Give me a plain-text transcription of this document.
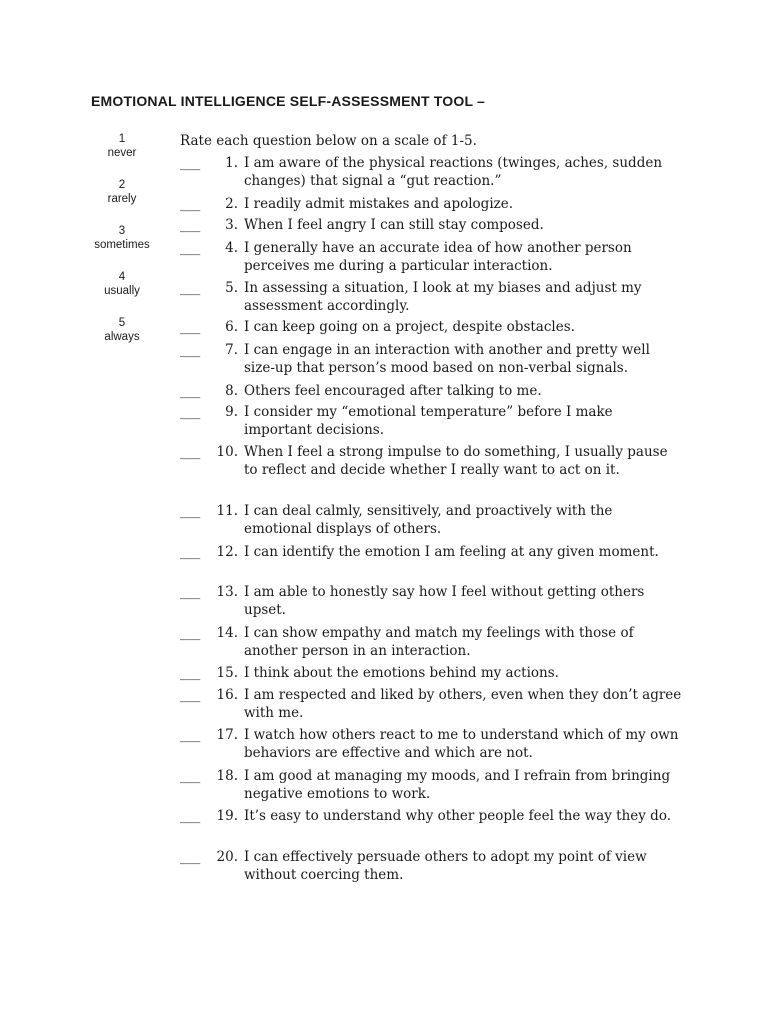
EMOTIONAL INTELLIGENCE SELF-ASSESSMENT TOOL –
1
never
2
rarely
3
sometimes
4
usually
5
always
Rate each question below on a scale of 1-5.
___	1. I am aware of the physical reactions (twinges, aches, sudden changes) that signal a “gut reaction.”
___	2. I readily admit mistakes and apologize.
___	3. When I feel angry I can still stay composed.
___	4. I generally have an accurate idea of how another person perceives me during a particular interaction.
___	5. In assessing a situation, I look at my biases and adjust my assessment accordingly.
___	6. I can keep going on a project, despite obstacles.
___	7. I can engage in an interaction with another and pretty well size-up that person’s mood based on non-verbal signals.
___	8. Others feel encouraged after talking to me.
___	9. I consider my “emotional temperature” before I make important decisions.
___	10. When I feel a strong impulse to do something, I usually pause to reflect and decide whether I really want to act on it.
___	11. I can deal calmly, sensitively, and proactively with the emotional displays of others.
___	12. I can identify the emotion I am feeling at any given moment.
___	13. I am able to honestly say how I feel without getting others upset.
___	14. I can show empathy and match my feelings with those of another person in an interaction.
___	15. I think about the emotions behind my actions.
___	16. I am respected and liked by others, even when they don’t agree with me.
___	17. I watch how others react to me to understand which of my own behaviors are effective and which are not.
___	18. I am good at managing my moods, and I refrain from bringing negative emotions to work.
___	19. It’s easy to understand why other people feel the way they do.
___	20. I can effectively persuade others to adopt my point of view without coercing them.
